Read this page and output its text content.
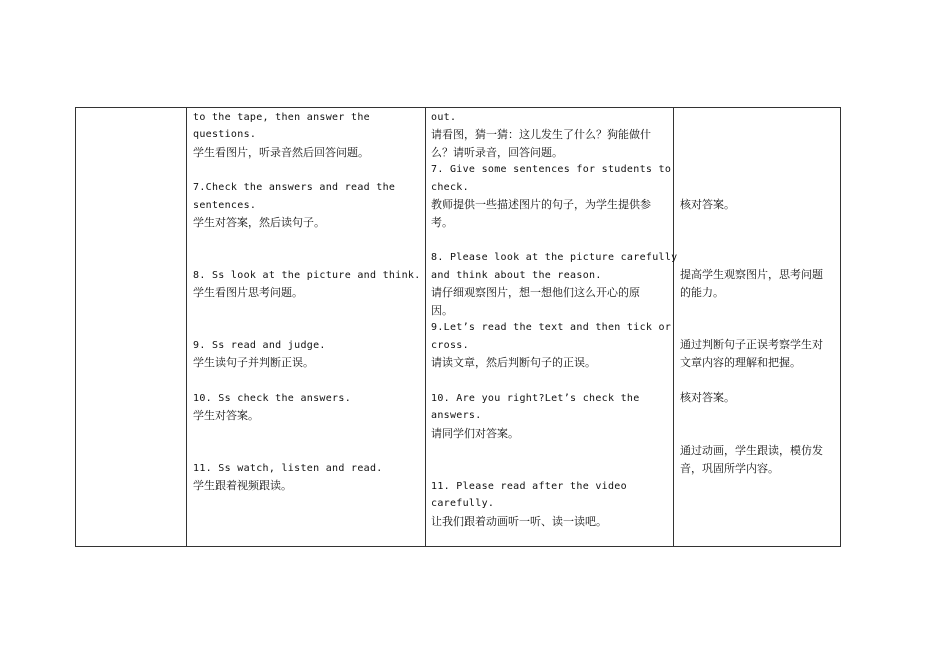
to the tape, then answer the
questions.
学生看图片，听录音然后回答问题。
7.Check the answers and read the
sentences.
学生对答案，然后读句子。
8. Ss look at the picture and think.
学生看图片思考问题。
9. Ss read and judge.
学生读句子并判断正误。
10. Ss check the answers.
学生对答案。
11. Ss watch, listen and read.
学生跟着视频跟读。
out.
请看图，猜一猜：这儿发生了什么？狗能做什
么？请听录音，回答问题。
7. Give some sentences for students to
check.
教师提供一些描述图片的句子，为学生提供参
考。
8. Please look at the picture carefully
and think about the reason.
请仔细观察图片，想一想他们这么开心的原
因。
9.Let’s read the text and then tick or
cross.
请读文章，然后判断句子的正误。
10. Are you right?Let’s check the
answers.
请同学们对答案。
11. Please read after the video
carefully.
让我们跟着动画听一听、读一读吧。
核对答案。
提高学生观察图片，思考问题
的能力。
通过判断句子正误考察学生对
文章内容的理解和把握。
核对答案。
通过动画，学生跟读，模仿发
音，巩固所学内容。
